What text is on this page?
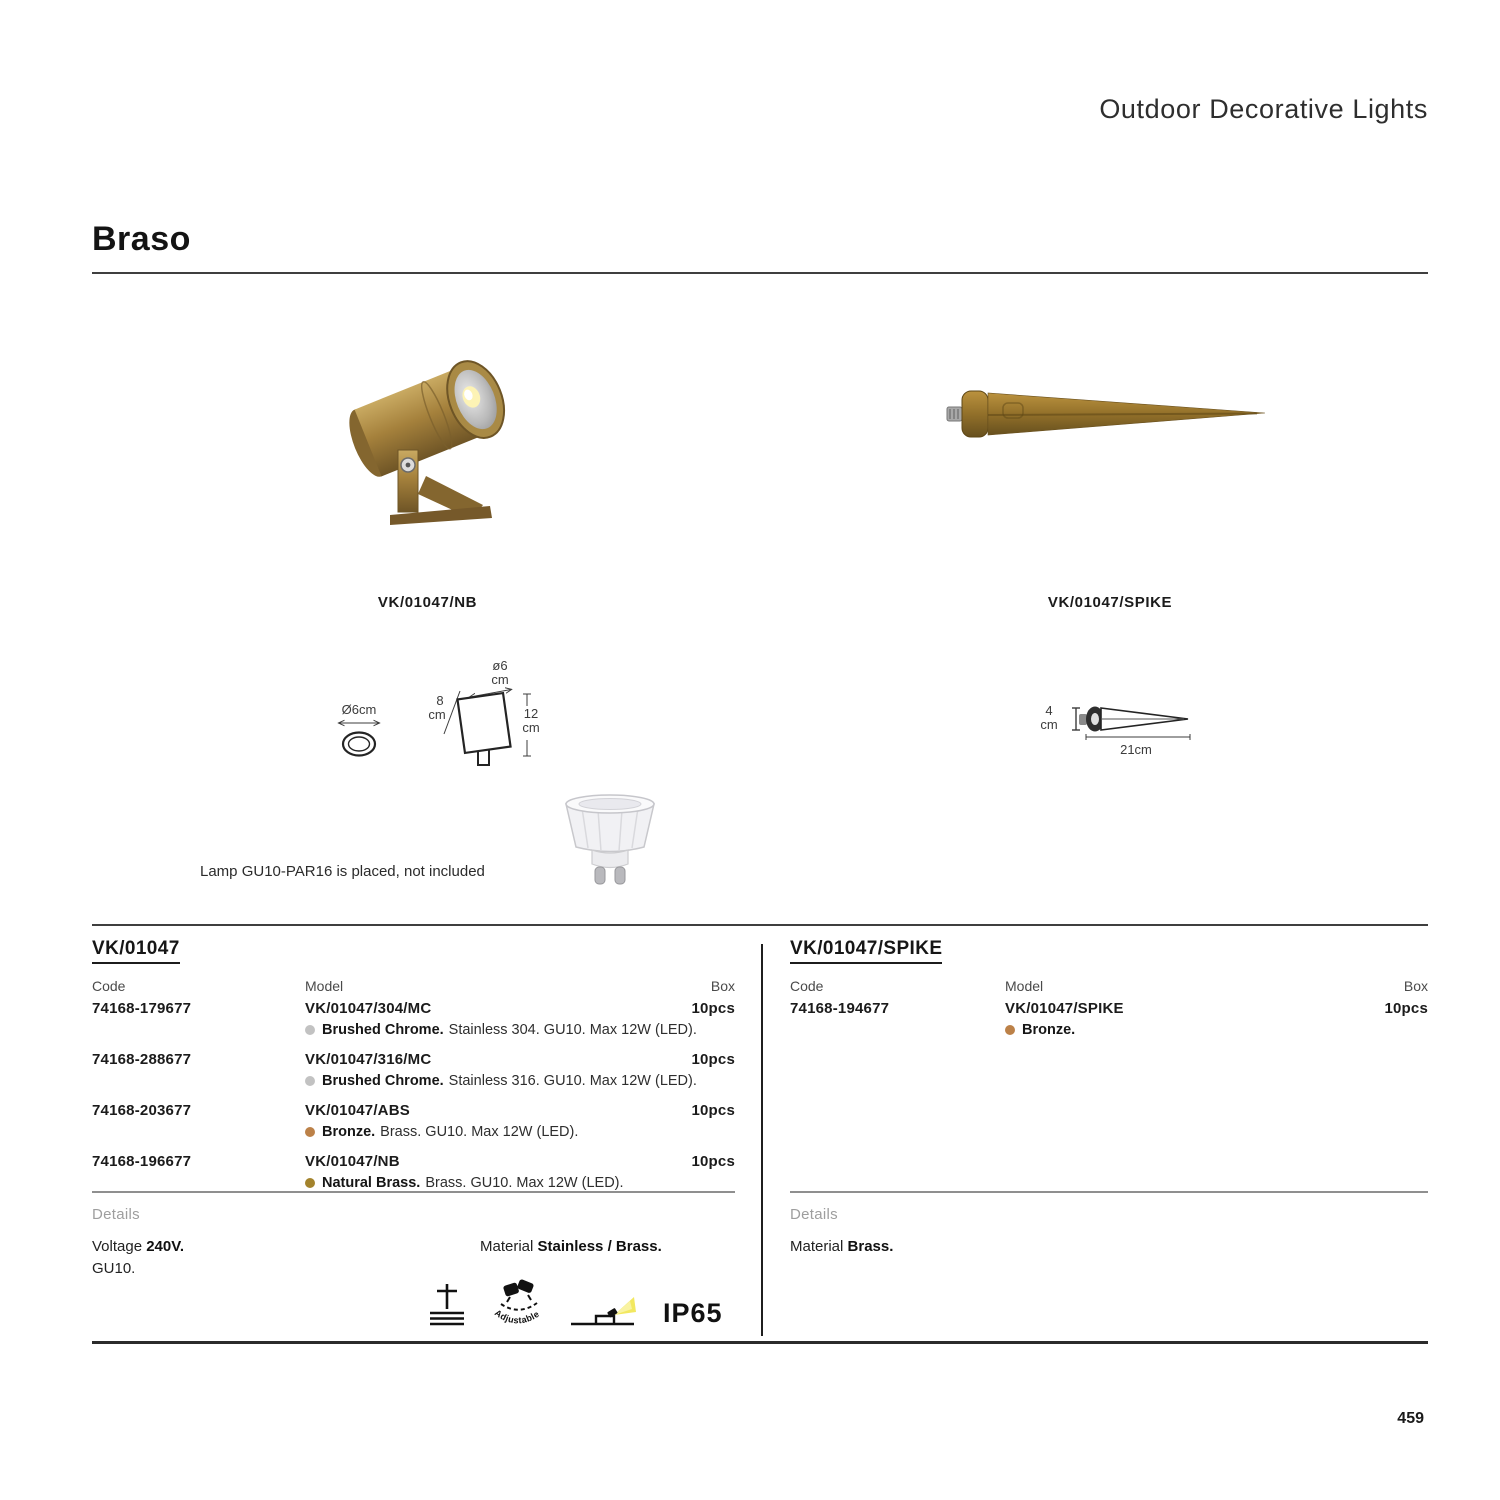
Outdoor Decorative Lights
Braso
VK/01047/NB	VK/01047/SPIKE
Ø6cm
ø6
cm
8
cm	12
cm
4
cm
21cm
Lamp GU10-PAR16 is placed, not included
VK/01047
Code	Model	Box
74168-179677	VK/01047/304/MC	10pcs
Brushed Chrome. Stainless 304. GU10. Max 12W (LED).
74168-288677	VK/01047/316/MC	10pcs
Brushed Chrome. Stainless 316. GU10. Max 12W (LED).
74168-203677	VK/01047/ABS	10pcs
Bronze. Brass. GU10. Max 12W (LED).
74168-196677	VK/01047/NB	10pcs
Natural Brass. Brass. GU10. Max 12W (LED).
VK/01047/SPIKE
Code	Model	Box
74168-194677	VK/01047/SPIKE	10pcs
Bronze.
Details
Voltage 240V.
GU10.
Material Stainless / Brass.
Details
Material Brass.
Adjustable	IP65
459
